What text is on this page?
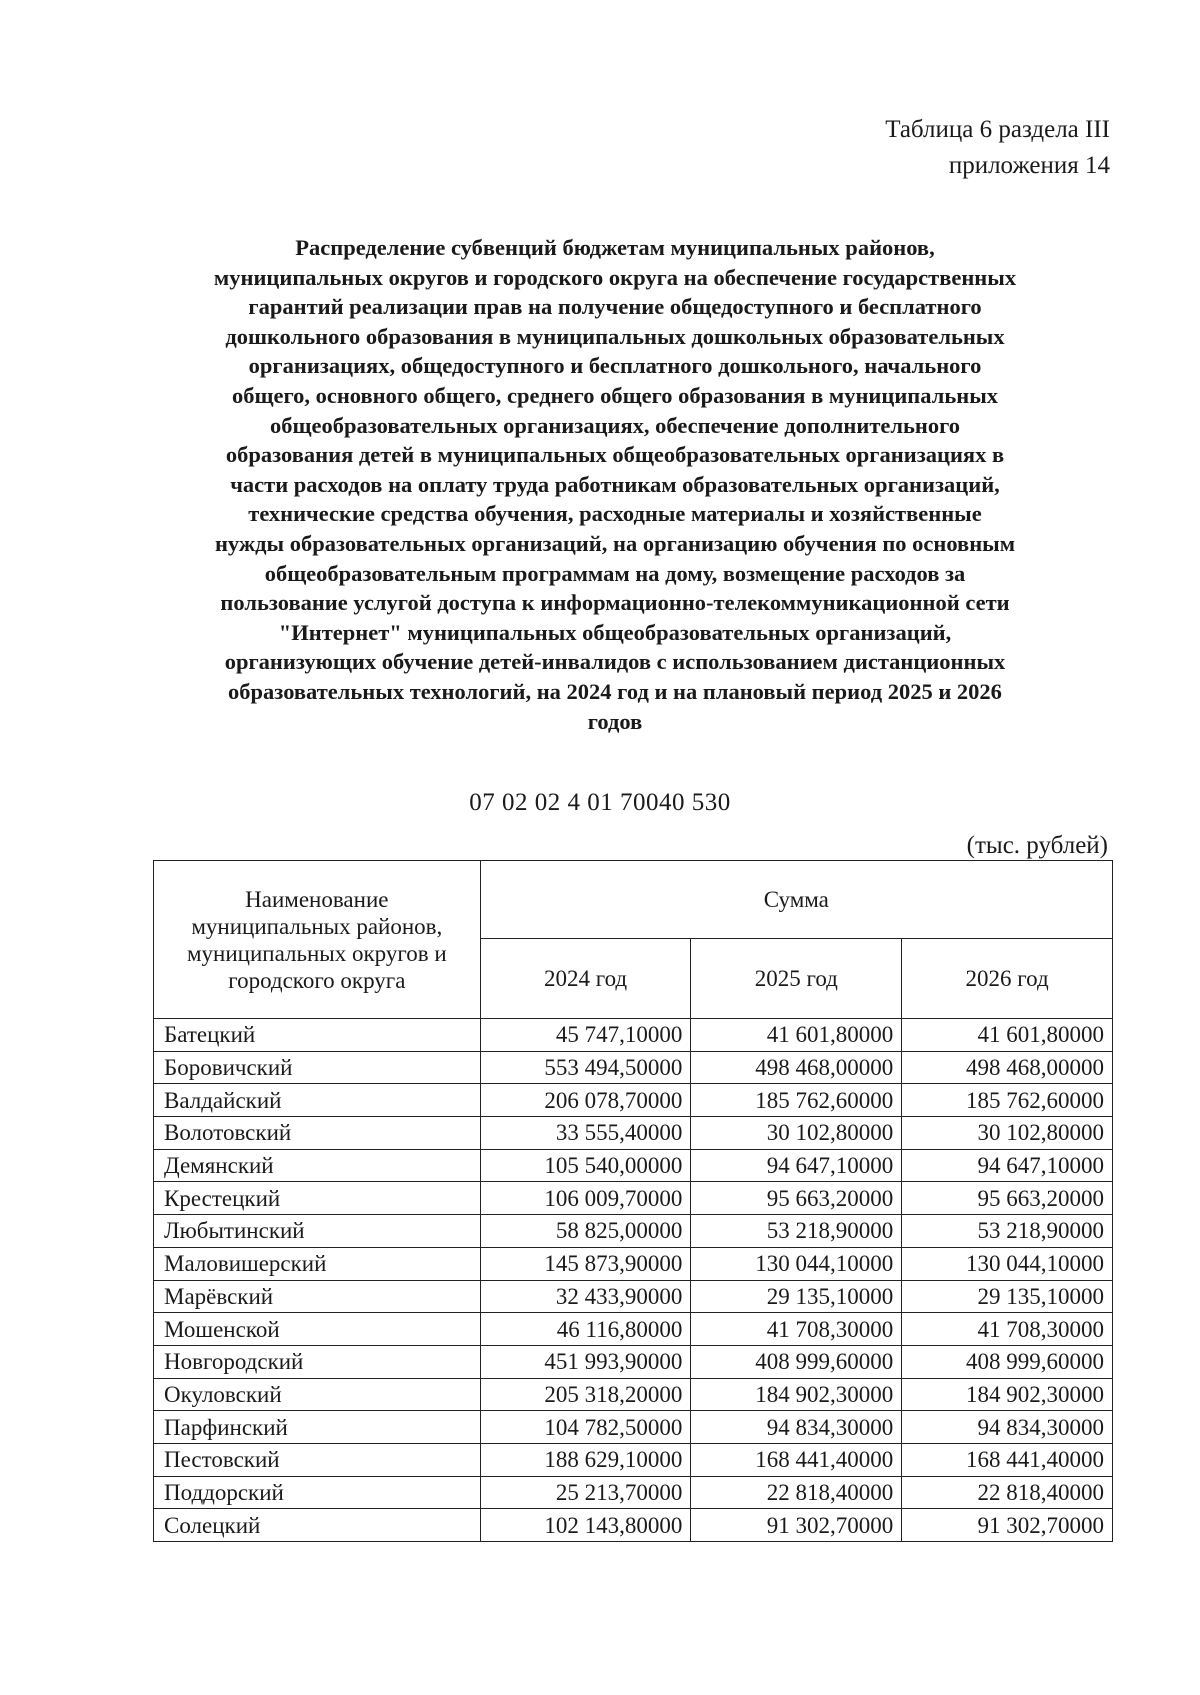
Таблица 6 раздела III
приложения 14
Распределение субвенций бюджетам муниципальных районов,
муниципальных округов и городского округа на обеспечение государственных
гарантий реализации прав на получение общедоступного и бесплатного
дошкольного образования в муниципальных дошкольных образовательных
организациях, общедоступного и бесплатного дошкольного, начального
общего, основного общего, среднего общего образования в муниципальных
общеобразовательных организациях, обеспечение дополнительного
образования детей в муниципальных общеобразовательных организациях в
части расходов на оплату труда работникам образовательных организаций,
технические средства обучения, расходные материалы и хозяйственные
нужды образовательных организаций, на организацию обучения по основным
общеобразовательным программам на дому, возмещение расходов за
пользование услугой доступа к информационно-телекоммуникационной сети
"Интернет" муниципальных общеобразовательных организаций,
организующих обучение детей-инвалидов с использованием дистанционных
образовательных технологий, на 2024 год и на плановый период 2025 и 2026
годов
07 02 02 4 01 70040 530
(тыс. рублей)
Наименование
муниципальных районов,
муниципальных округов и
городского округа	Сумма		
	2024 год	2025 год	2026 год
Батецкий	45 747,10000	41 601,80000	41 601,80000
Боровичский	553 494,50000	498 468,00000	498 468,00000
Валдайский	206 078,70000	185 762,60000	185 762,60000
Волотовский	33 555,40000	30 102,80000	30 102,80000
Демянский	105 540,00000	94 647,10000	94 647,10000
Крестецкий	106 009,70000	95 663,20000	95 663,20000
Любытинский	58 825,00000	53 218,90000	53 218,90000
Маловишерский	145 873,90000	130 044,10000	130 044,10000
Марёвский	32 433,90000	29 135,10000	29 135,10000
Мошенской	46 116,80000	41 708,30000	41 708,30000
Новгородский	451 993,90000	408 999,60000	408 999,60000
Окуловский	205 318,20000	184 902,30000	184 902,30000
Парфинский	104 782,50000	94 834,30000	94 834,30000
Пестовский	188 629,10000	168 441,40000	168 441,40000
Поддорский	25 213,70000	22 818,40000	22 818,40000
Солецкий	102 143,80000	91 302,70000	91 302,70000
